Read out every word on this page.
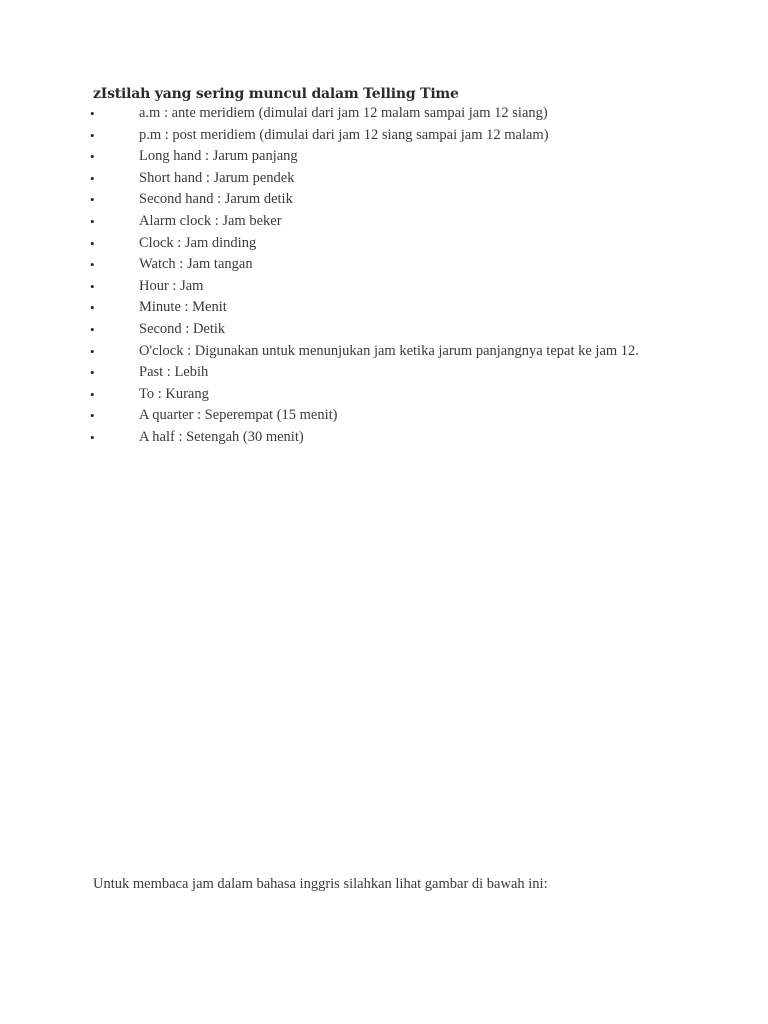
zIstilah yang sering muncul dalam Telling Time
•	a.m : ante meridiem (dimulai dari jam 12 malam sampai jam 12 siang)
•	p.m : post meridiem (dimulai dari jam 12 siang sampai jam 12 malam)
•	Long hand : Jarum panjang
•	Short hand : Jarum pendek
•	Second hand : Jarum detik
•	Alarm clock : Jam beker
•	Clock : Jam dinding
•	Watch : Jam tangan
•	Hour : Jam
•	Minute : Menit
•	Second : Detik
•	O'clock : Digunakan untuk menunjukan jam ketika jarum panjangnya tepat ke jam 12.
•	Past : Lebih
•	To : Kurang
•	A quarter : Seperempat (15 menit)
•	A half : Setengah (30 menit)
Untuk membaca jam dalam bahasa inggris silahkan lihat gambar di bawah ini:
